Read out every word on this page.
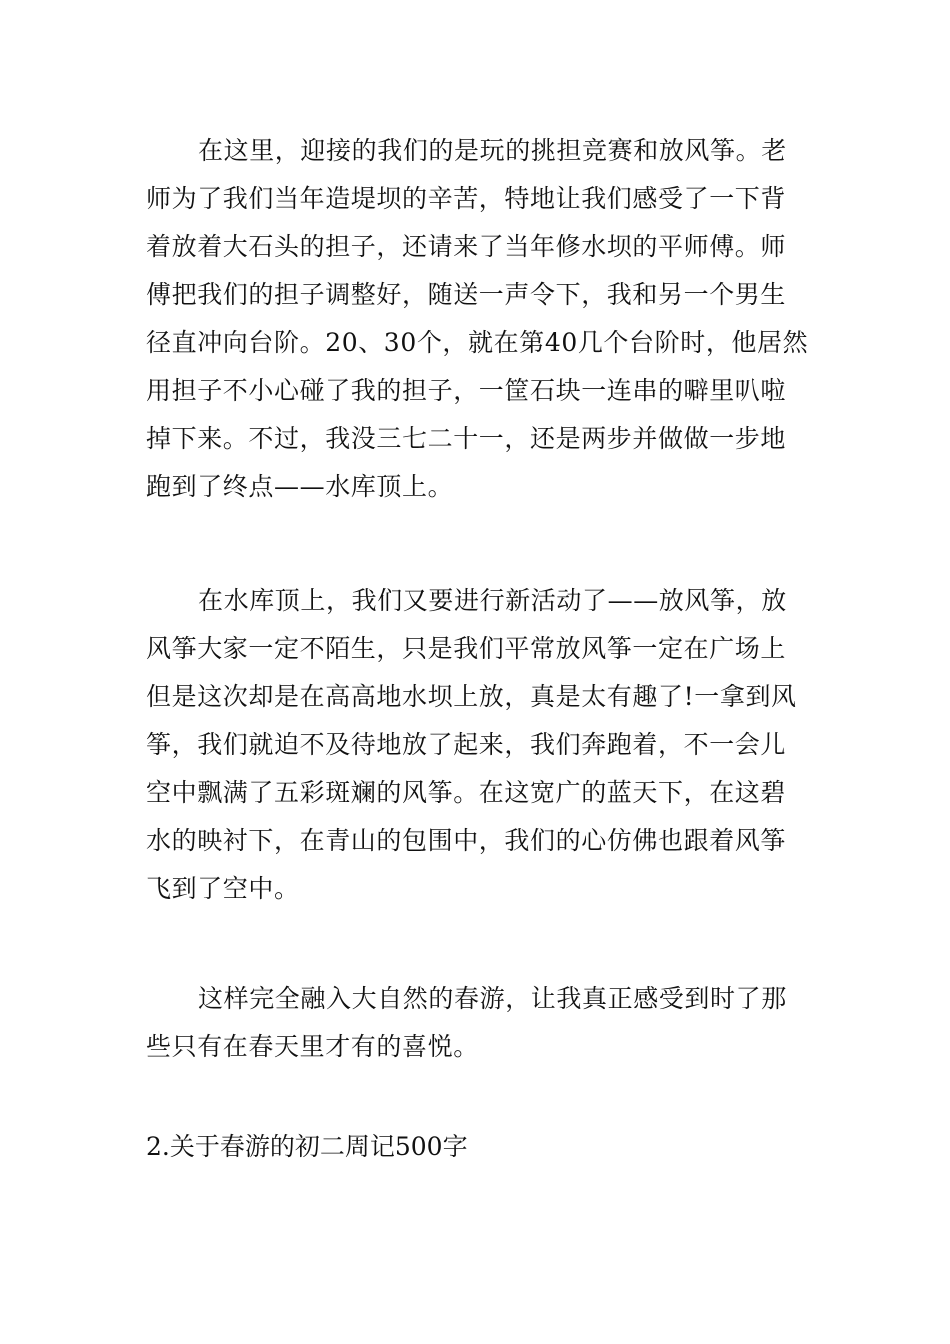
在这里，迎接的我们的是玩的挑担竞赛和放风筝。老
师为了我们当年造堤坝的辛苦，特地让我们感受了一下背
着放着大石头的担子，还请来了当年修水坝的平师傅。师
傅把我们的担子调整好，随送一声令下，我和另一个男生
径直冲向台阶。20、30个，就在第40几个台阶时，他居然
用担子不小心碰了我的担子，一筐石块一连串的噼里叭啦
掉下来。不过，我没三七二十一，还是两步并做做一步地
跑到了终点——水库顶上。
在水库顶上，我们又要进行新活动了——放风筝，放
风筝大家一定不陌生，只是我们平常放风筝一定在广场上
但是这次却是在高高地水坝上放，真是太有趣了!一拿到风
筝，我们就迫不及待地放了起来，我们奔跑着，不一会儿
空中飘满了五彩斑斓的风筝。在这宽广的蓝天下，在这碧
水的映衬下，在青山的包围中，我们的心仿佛也跟着风筝
飞到了空中。
这样完全融入大自然的春游，让我真正感受到时了那
些只有在春天里才有的喜悦。
2.关于春游的初二周记500字
